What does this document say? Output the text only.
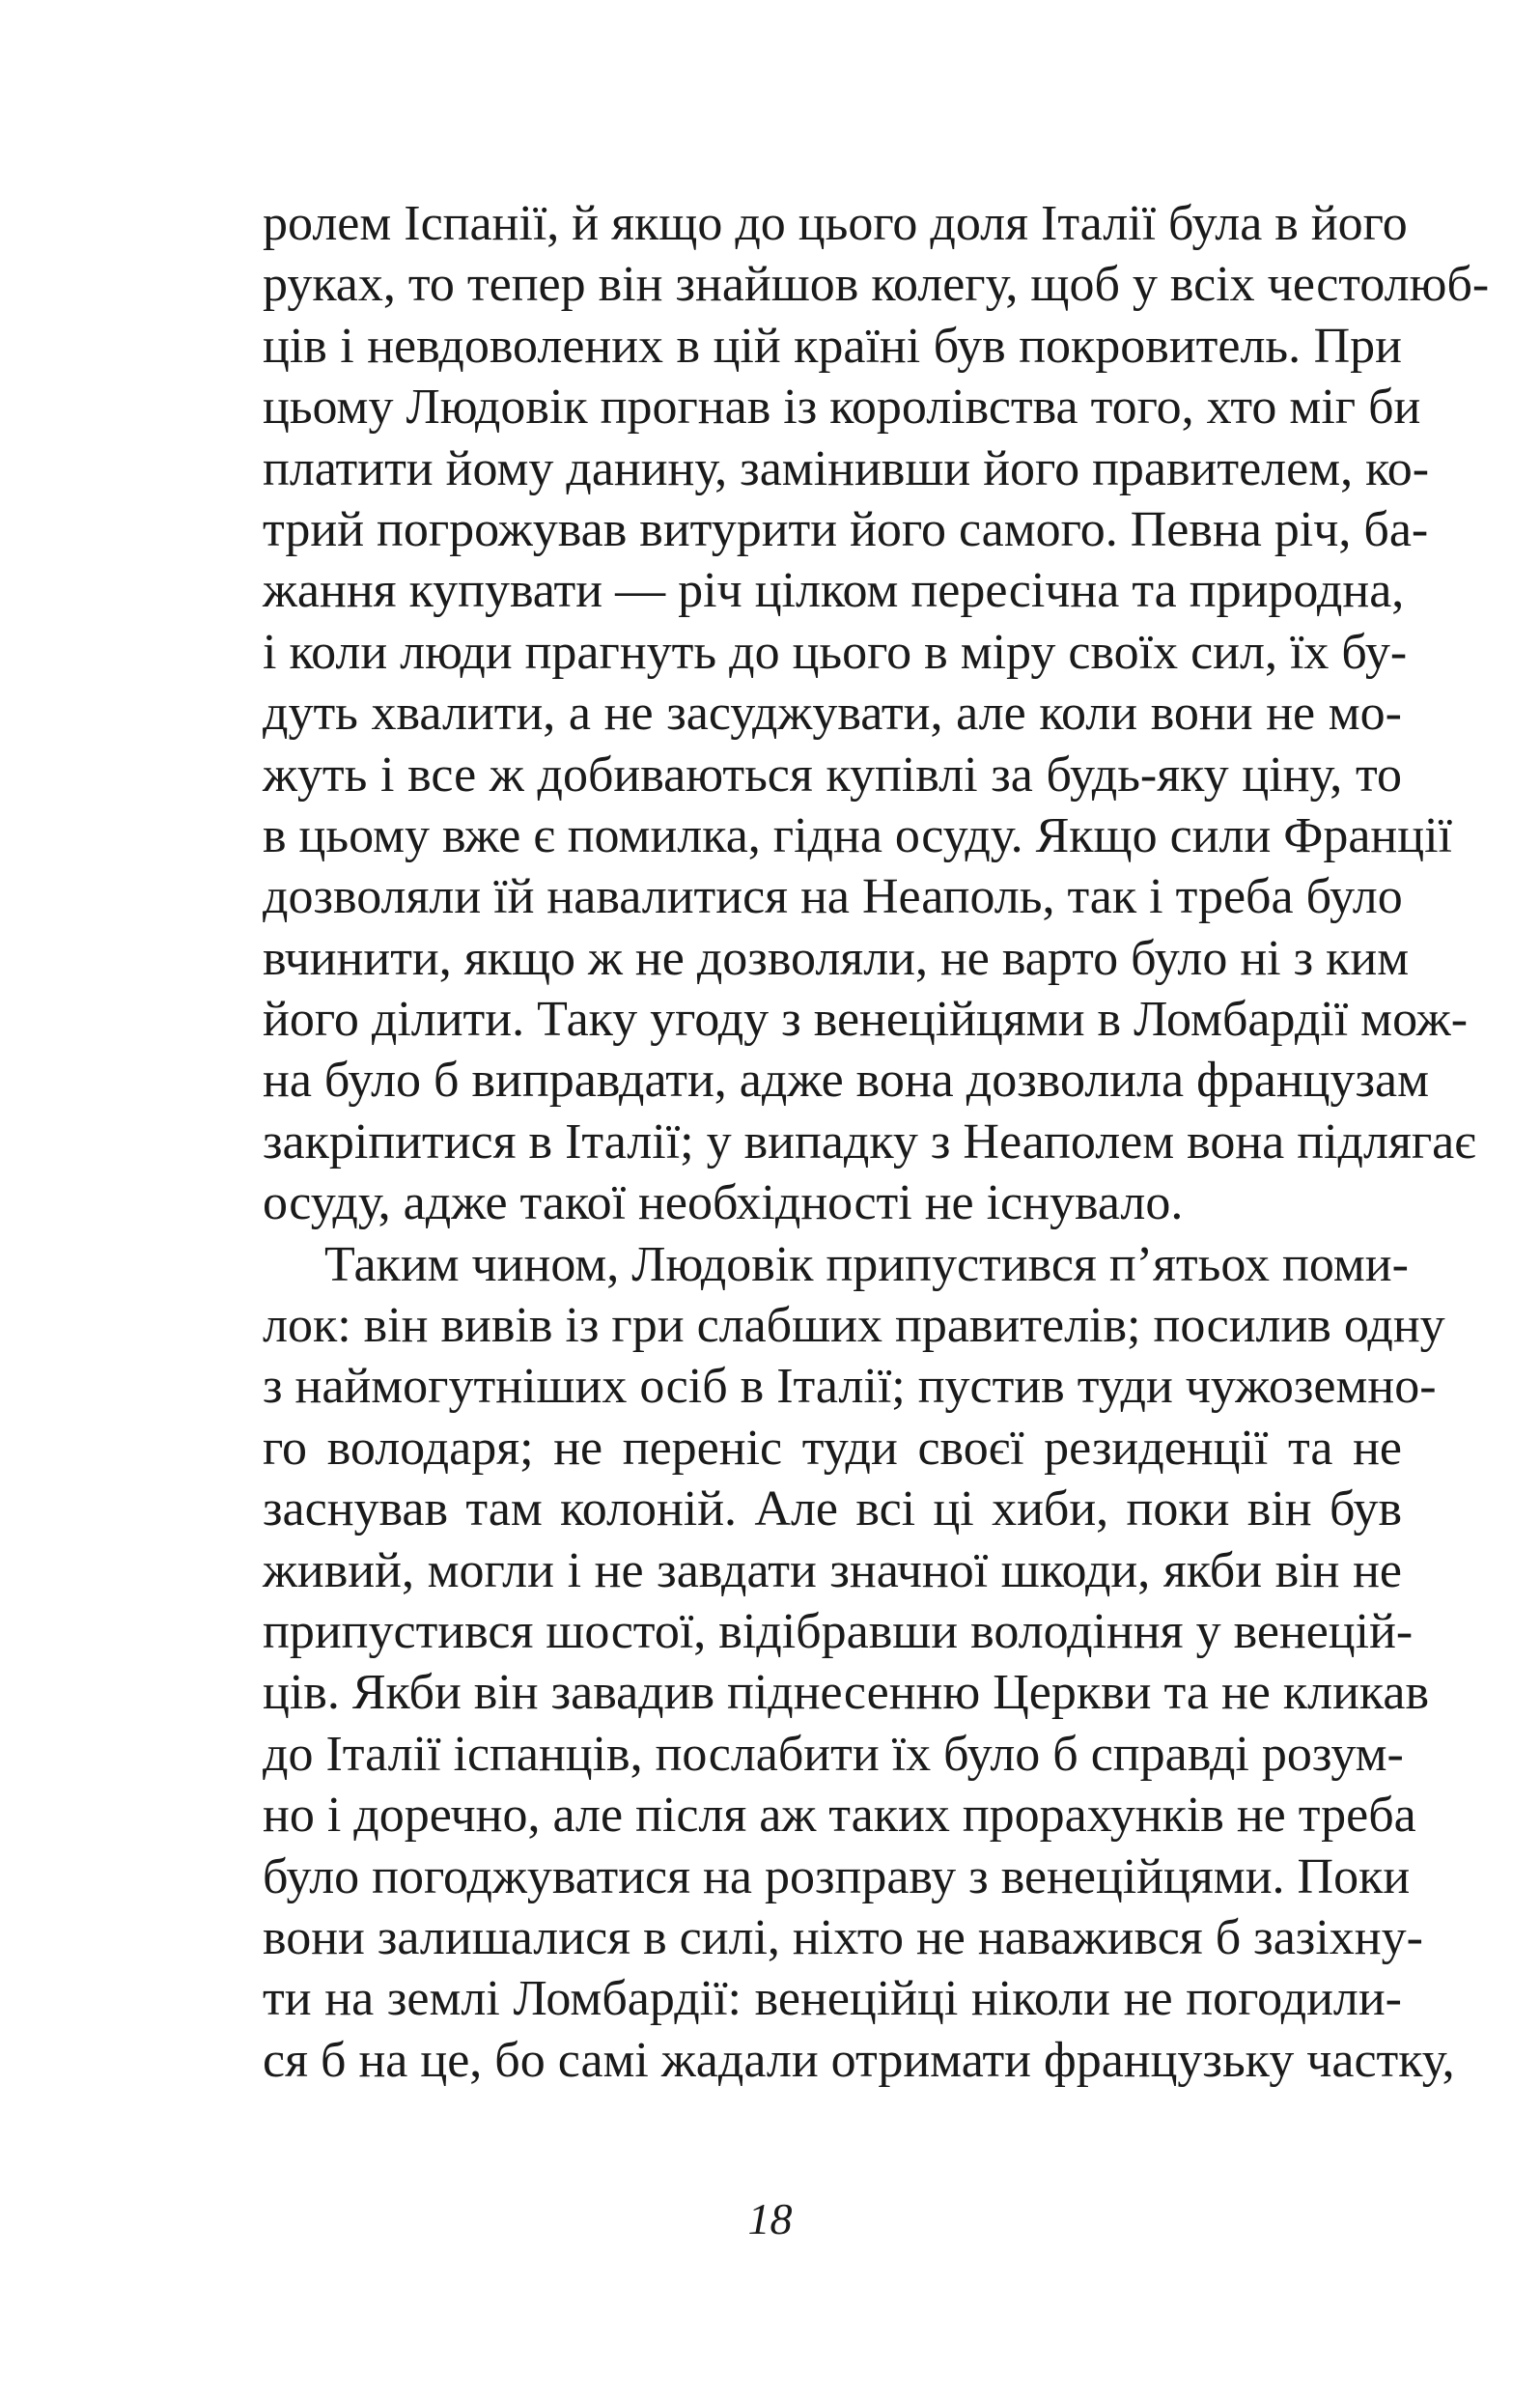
ролем Іспанії, й якщо до цього доля Італії була в його
руках, то тепер він знайшов колегу, щоб у всіх честолюб-
ців і невдоволених в цій країні був покровитель. При
цьому Людовік прогнав із королівства того, хто міг би
платити йому данину, замінивши його правителем, ко-
трий погрожував витурити його самого. Певна річ, ба-
жання купувати — річ цілком пересічна та природна,
і коли люди прагнуть до цього в міру своїх сил, їх бу-
дуть хвалити, а не засуджувати, але коли вони не мо-
жуть і все ж добиваються купівлі за будь-яку ціну, то
в цьому вже є помилка, гідна осуду. Якщо сили Франції
дозволяли їй навалитися на Неаполь, так і треба було
вчинити, якщо ж не дозволяли, не варто було ні з ким
його ділити. Таку угоду з венеційцями в Ломбардії мож-
на було б виправдати, адже вона дозволила французам
закріпитися в Італії; у випадку з Неаполем вона підлягає
осуду, адже такої необхідності не існувало.
Таким чином, Людовік припустився п’ятьох поми-
лок: він вивів із гри слабших правителів; посилив одну
з наймогутніших осіб в Італії; пустив туди чужоземно-
го володаря; не переніс туди своєї резиденції та не
заснував там колоній. Але всі ці хиби, поки він був
живий, могли і не завдати значної шкоди, якби він не
припустився шостої, відібравши володіння у венецій-
ців. Якби він завадив піднесенню Церкви та не кликав
до Італії іспанців, послабити їх було б справді розум-
но і доречно, але після аж таких прорахунків не треба
було погоджуватися на розправу з венеційцями. Поки
вони залишалися в силі, ніхто не наважився б зазіхну-
ти на землі Ломбардії: венеційці ніколи не погодили-
ся б на це, бо самі жадали отримати французьку частку,
18
